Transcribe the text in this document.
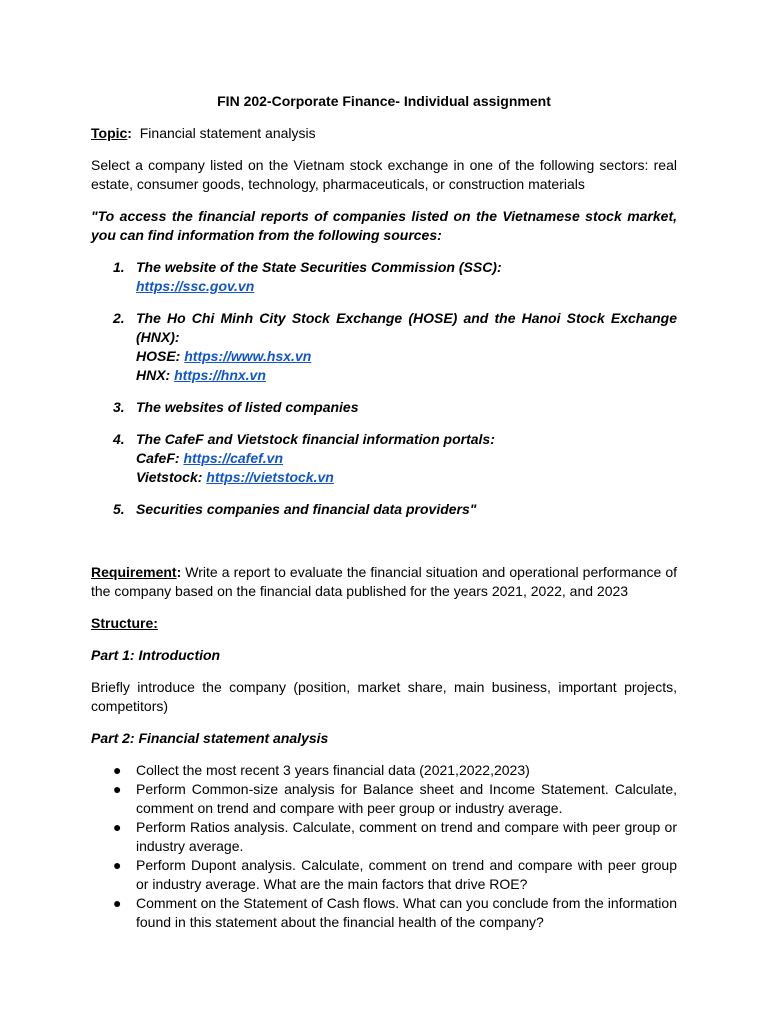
FIN 202-Corporate Finance- Individual assignment

Topic: Financial statement analysis

Select a company listed on the Vietnam stock exchange in one of the following sectors: real estate, consumer goods, technology, pharmaceuticals, or construction materials

"To access the financial reports of companies listed on the Vietnamese stock market, you can find information from the following sources:

1. The website of the State Securities Commission (SSC):
https://ssc.gov.vn
2. The Ho Chi Minh City Stock Exchange (HOSE) and the Hanoi Stock Exchange (HNX):
HOSE: https://www.hsx.vn
HNX: https://hnx.vn
3. The websites of listed companies
4. The CafeF and Vietstock financial information portals:
CafeF: https://cafef.vn
Vietstock: https://vietstock.vn
5. Securities companies and financial data providers"

Requirement: Write a report to evaluate the financial situation and operational performance of the company based on the financial data published for the years 2021, 2022, and 2023

Structure:

Part 1: Introduction

Briefly introduce the company (position, market share, main business, important projects, competitors)

Part 2: Financial statement analysis

● Collect the most recent 3 years financial data (2021,2022,2023)
● Perform Common-size analysis for Balance sheet and Income Statement. Calculate, comment on trend and compare with peer group or industry average.
● Perform Ratios analysis. Calculate, comment on trend and compare with peer group or industry average.
● Perform Dupont analysis. Calculate, comment on trend and compare with peer group or industry average. What are the main factors that drive ROE?
● Comment on the Statement of Cash flows. What can you conclude from the information found in this statement about the financial health of the company?
